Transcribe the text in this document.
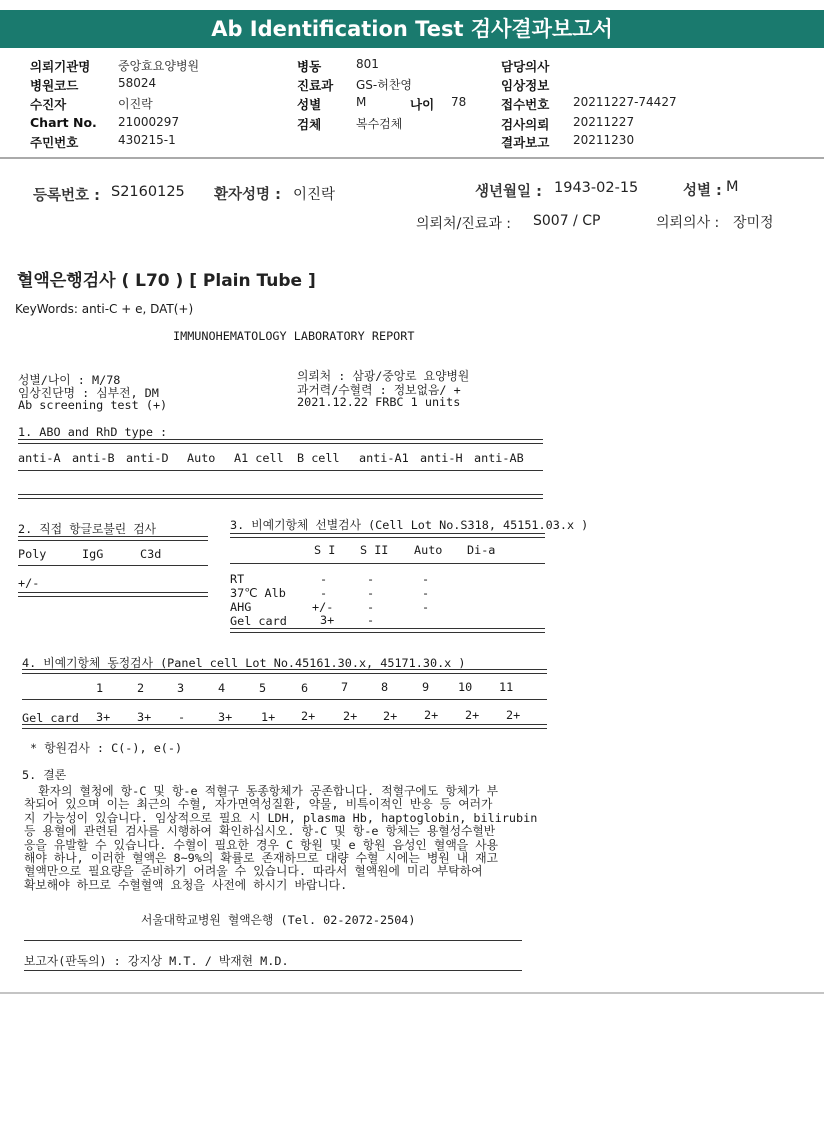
Ab Identification Test 검사결과보고서
의뢰기관명 중앙효요양병원
병원코드	58024
수진자	이진락
Chart No. 21000297
주민번호	430215-1
병동	801
진료과 GS-허찬영
성별	M	나이 78
검체	복수검체
담당의사
임상정보
접수번호 20211227-74427
검사의뢰 20211227
결과보고 20211230
등록번호 : S2160125 환자성명 : 이진락	생년월일 : 1943-02-15	성별 : M
의뢰처/진료과 : S007 / CP	의뢰의사 : 장미정
혈액은행검사 ( L70 ) [ Plain Tube ]
KeyWords: anti-C + e, DAT(+)
IMMUNOHEMATOLOGY LABORATORY REPORT
성별/나이 : M/78
임상진단명 : 심부전, DM
Ab screening test (+)
의뢰처 : 삼광/중앙로 요양병원
과거력/수혈력 : 정보없음/ +
2021.12.22 FRBC 1 units
1. ABO and RhD type :
anti-A anti-B anti-D Auto A1 cell B cell anti-A1 anti-H anti-AB
2. 직접 항글로불린 검사
Poly	IgG	C3d
+/-
3. 비예기항체 선별검사 (Cell Lot No.S318, 45151.03.x )
S I S II Auto Di-a
RT	-	-	-
37℃ Alb	-	-	-
AHG	+/-	-	-
Gel card	3+	-
4. 비예기항체 동정검사 (Panel cell Lot No.45161.30.x, 45171.30.x )
1	2	3	4	5	6	7	8	9 10 11
Gel card 3+ 3+ -	3+ 1+ 2+ 2+ 2+ 2+ 2+ 2+
* 항원검사 : C(-), e(-)
5. 결론
환자의 혈청에 항-C 및 항-e 적혈구 동종항체가 공존합니다. 적혈구에도 항체가 부
착되어 있으며 이는 최근의 수혈, 자가면역성질환, 약물, 비특이적인 반응 등 여러가
지 가능성이 있습니다. 임상적으로 필요 시 LDH, plasma Hb, haptoglobin, bilirubin
등 용혈에 관련된 검사를 시행하여 확인하십시오. 항-C 및 항-e 항체는 용혈성수혈반
응을 유발할 수 있습니다. 수혈이 필요한 경우 C 항원 및 e 항원 음성인 혈액을 사용
해야 하나, 이러한 혈액은 8~9%의 확률로 존재하므로 대량 수혈 시에는 병원 내 재고
혈액만으로 필요량을 준비하기 어려울 수 있습니다. 따라서 혈액원에 미리 부탁하여
확보해야 하므로 수혈혈액 요청을 사전에 하시기 바랍니다.
서울대학교병원 혈액은행 (Tel. 02-2072-2504)
보고자(판독의) : 강지상 M.T. / 박재현 M.D.
